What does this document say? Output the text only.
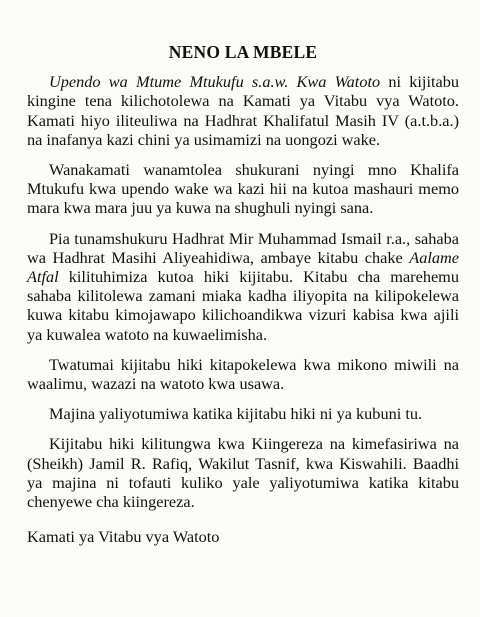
NENO LA MBELE

Upendo wa Mtume Mtukufu s.a.w. Kwa Watoto ni kijitabu kingine tena kilichotolewa na Kamati ya Vitabu vya Watoto. Kamati hiyo iliteuliwa na Hadhrat Khalifatul Masih IV (a.t.b.a.) na inafanya kazi chini ya usimamizi na uongozi wake.

Wanakamati wanamtolea shukurani nyingi mno Khalifa Mtukufu kwa upendo wake wa kazi hii na kutoa mashauri memo mara kwa mara juu ya kuwa na shughuli nyingi sana.

Pia tunamshukuru Hadhrat Mir Muhammad Ismail r.a., sahaba wa Hadhrat Masihi Aliyeahidiwa, ambaye kitabu chake Aalame Atfal kilituhimiza kutoa hiki kijitabu. Kitabu cha marehemu sahaba kilitolewa zamani miaka kadha iliyopita na kilipokelewa kuwa kitabu kimojawapo kilichoandikwa vizuri kabisa kwa ajili ya kuwalea watoto na kuwaelimisha.

Twatumai kijitabu hiki kitapokelewa kwa mikono miwili na waalimu, wazazi na watoto kwa usawa.

Majina yaliyotumiwa katika kijitabu hiki ni ya kubuni tu.

Kijitabu hiki kilitungwa kwa Kiingereza na kimefasiriwa na (Sheikh) Jamil R. Rafiq, Wakilut Tasnif, kwa Kiswahili. Baadhi ya majina ni tofauti kuliko yale yaliyotumiwa katika kitabu chenyewe cha kiingereza.

Kamati ya Vitabu vya Watoto
